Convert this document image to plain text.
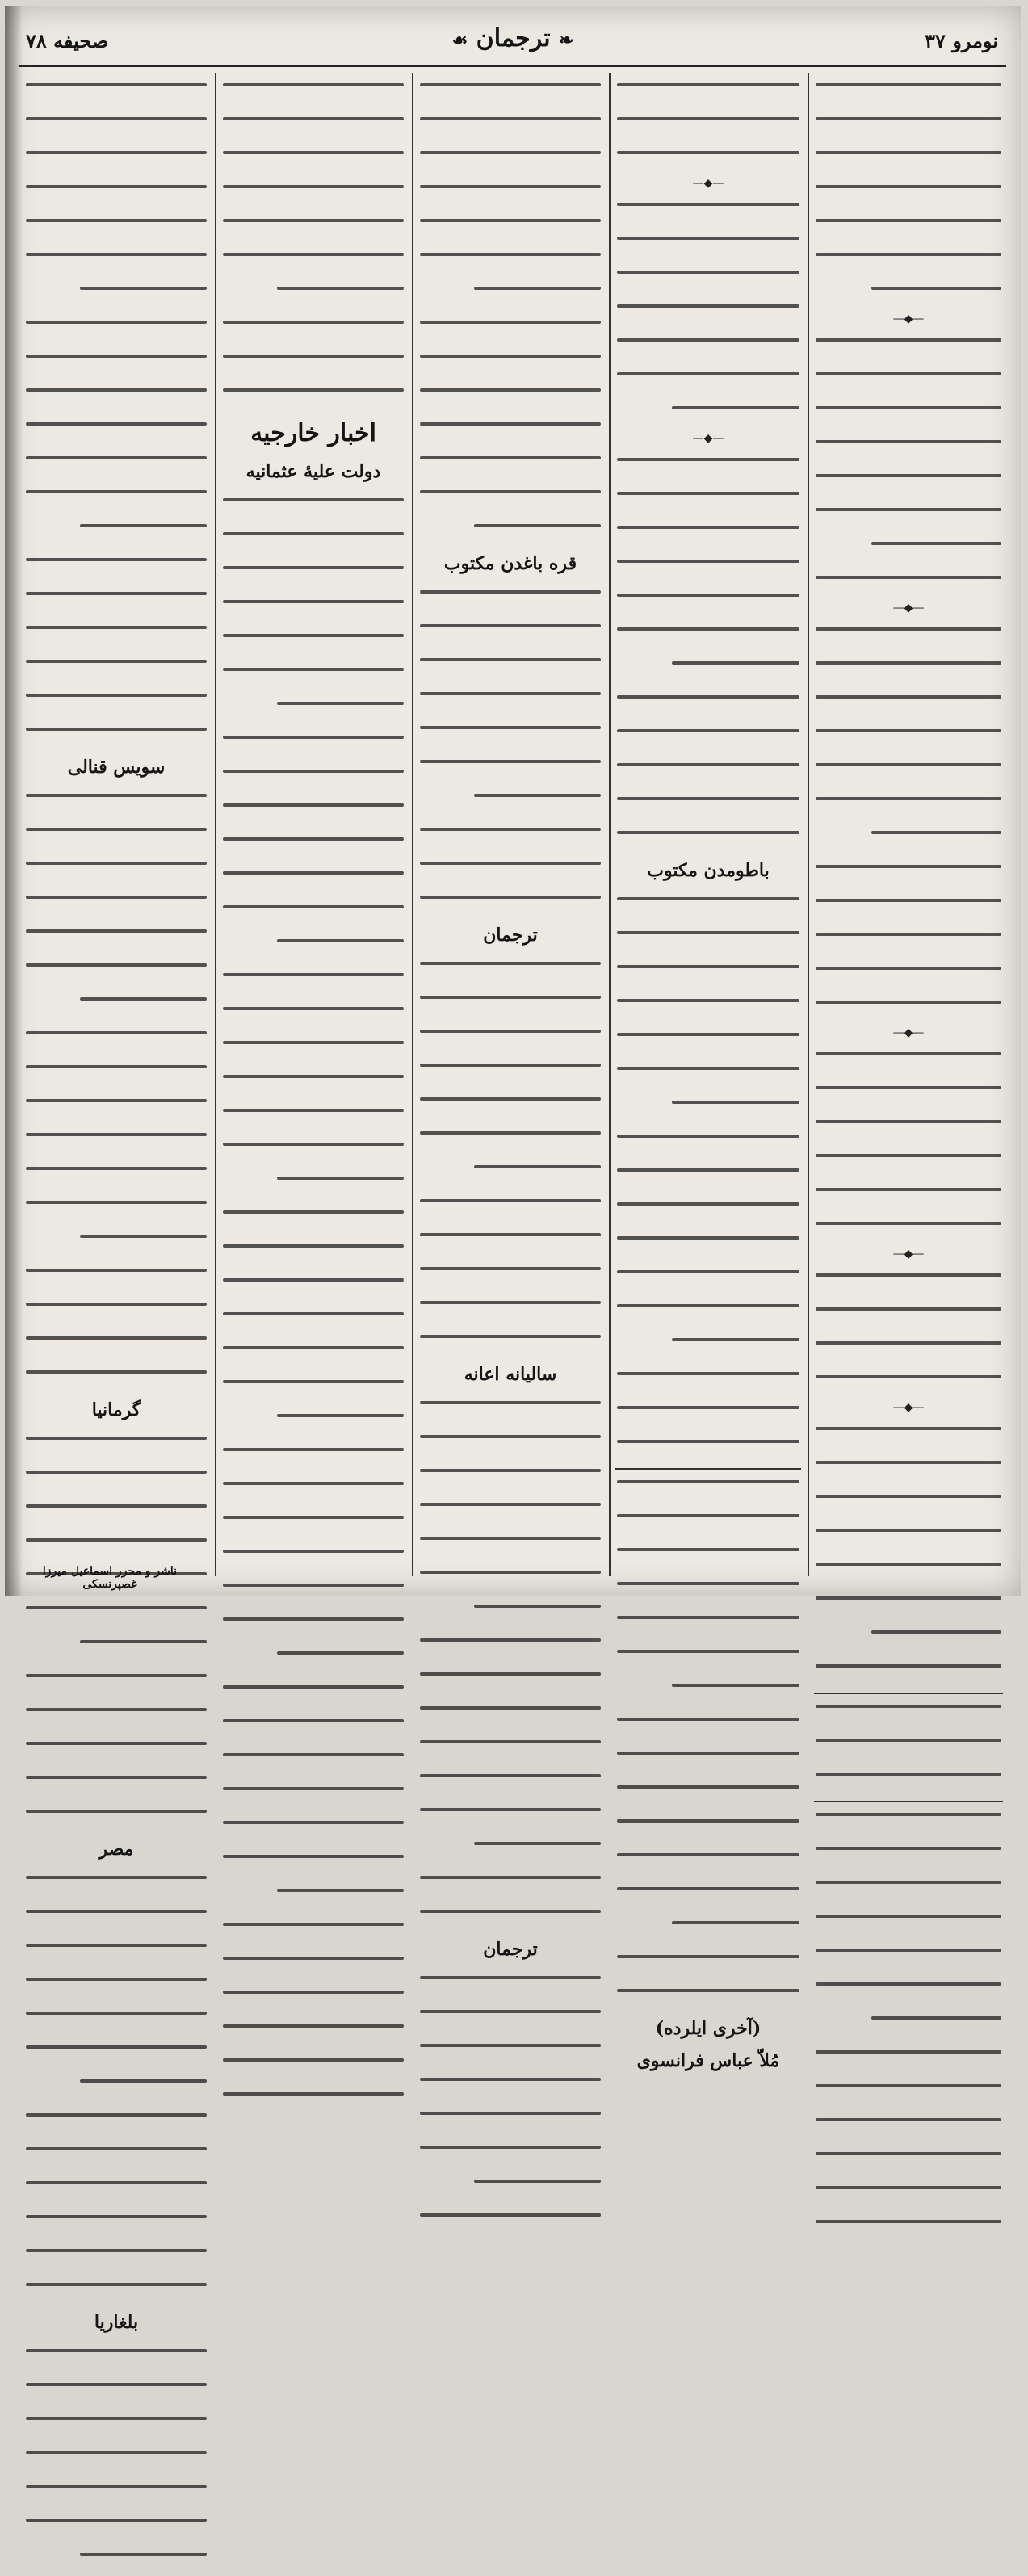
صحیفه ۷۸	❧ ترجمان ☙	نومرو ۳۷
سویس قنالی
گرمانیا
مصر
بلغاریا
اخبار خارجیه
دولت علیهٔ عثمانیه
قره باغدن مکتوب
ترجمان
سالیانه اعانه
ترجمان
—◆—
—◆—
باطومدن مکتوب
(آخری ایلرده)
مُلاّ عباس فرانسوی
—◆—
—◆—
—◆—
—◆—
—◆—
ناشر و محرر اسماعیل میرزا غصپرنسکی
